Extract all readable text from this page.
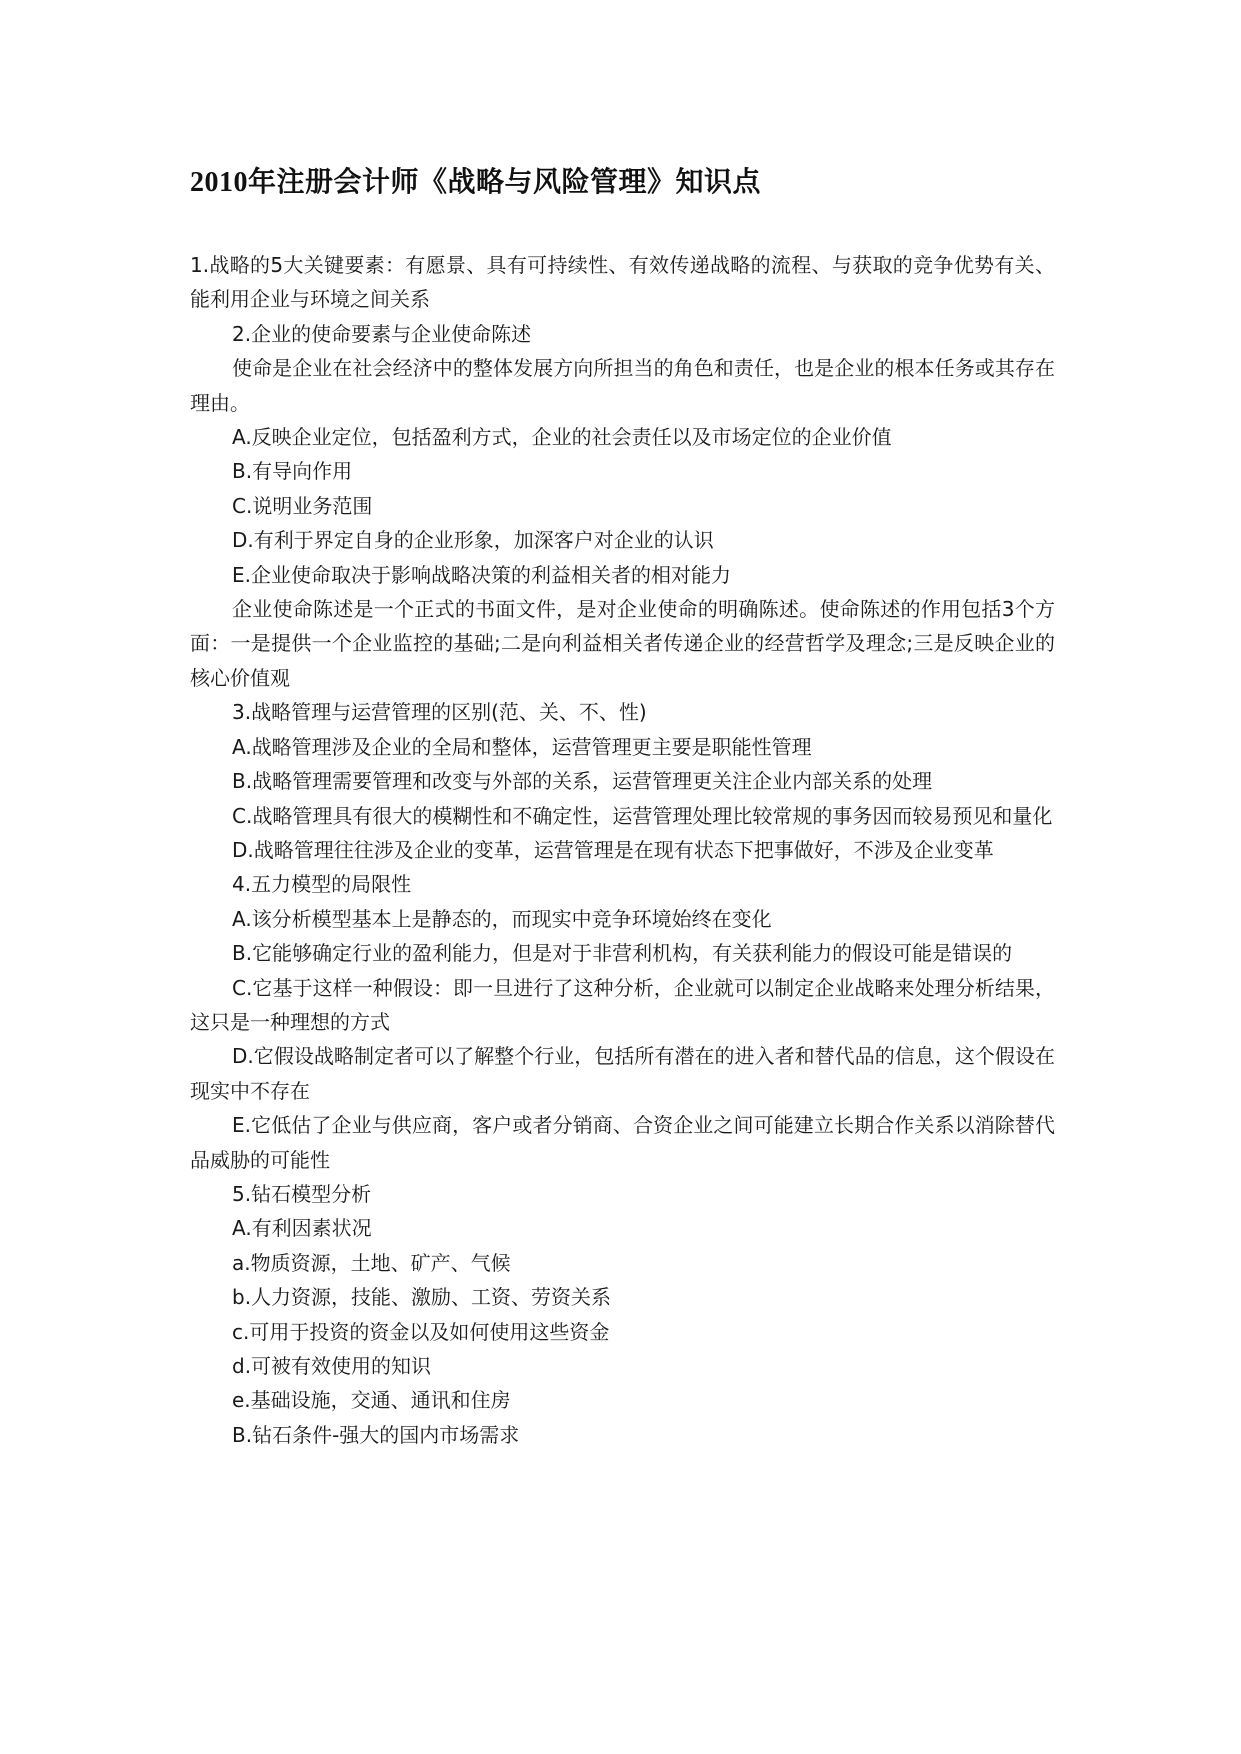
2010年注册会计师《战略与风险管理》知识点

1.战略的5大关键要素：有愿景、具有可持续性、有效传递战略的流程、与获取的竞争优势有关、能利用企业与环境之间关系

2.企业的使命要素与企业使命陈述

使命是企业在社会经济中的整体发展方向所担当的角色和责任，也是企业的根本任务或其存在理由。

A.反映企业定位，包括盈利方式，企业的社会责任以及市场定位的企业价值

B.有导向作用

C.说明业务范围

D.有利于界定自身的企业形象，加深客户对企业的认识

E.企业使命取决于影响战略决策的利益相关者的相对能力

企业使命陈述是一个正式的书面文件，是对企业使命的明确陈述。使命陈述的作用包括3个方面：一是提供一个企业监控的基础;二是向利益相关者传递企业的经营哲学及理念;三是反映企业的核心价值观

3.战略管理与运营管理的区别(范、关、不、性)

A.战略管理涉及企业的全局和整体，运营管理更主要是职能性管理

B.战略管理需要管理和改变与外部的关系，运营管理更关注企业内部关系的处理

C.战略管理具有很大的模糊性和不确定性，运营管理处理比较常规的事务因而较易预见和量化

D.战略管理往往涉及企业的变革，运营管理是在现有状态下把事做好，不涉及企业变革

4.五力模型的局限性

A.该分析模型基本上是静态的，而现实中竞争环境始终在变化

B.它能够确定行业的盈利能力，但是对于非营利机构，有关获利能力的假设可能是错误的

C.它基于这样一种假设：即一旦进行了这种分析，企业就可以制定企业战略来处理分析结果，这只是一种理想的方式

D.它假设战略制定者可以了解整个行业，包括所有潜在的进入者和替代品的信息，这个假设在现实中不存在

E.它低估了企业与供应商，客户或者分销商、合资企业之间可能建立长期合作关系以消除替代品威胁的可能性

5.钻石模型分析

A.有利因素状况

a.物质资源，土地、矿产、气候

b.人力资源，技能、激励、工资、劳资关系

c.可用于投资的资金以及如何使用这些资金

d.可被有效使用的知识

e.基础设施，交通、通讯和住房

B.钻石条件-强大的国内市场需求
